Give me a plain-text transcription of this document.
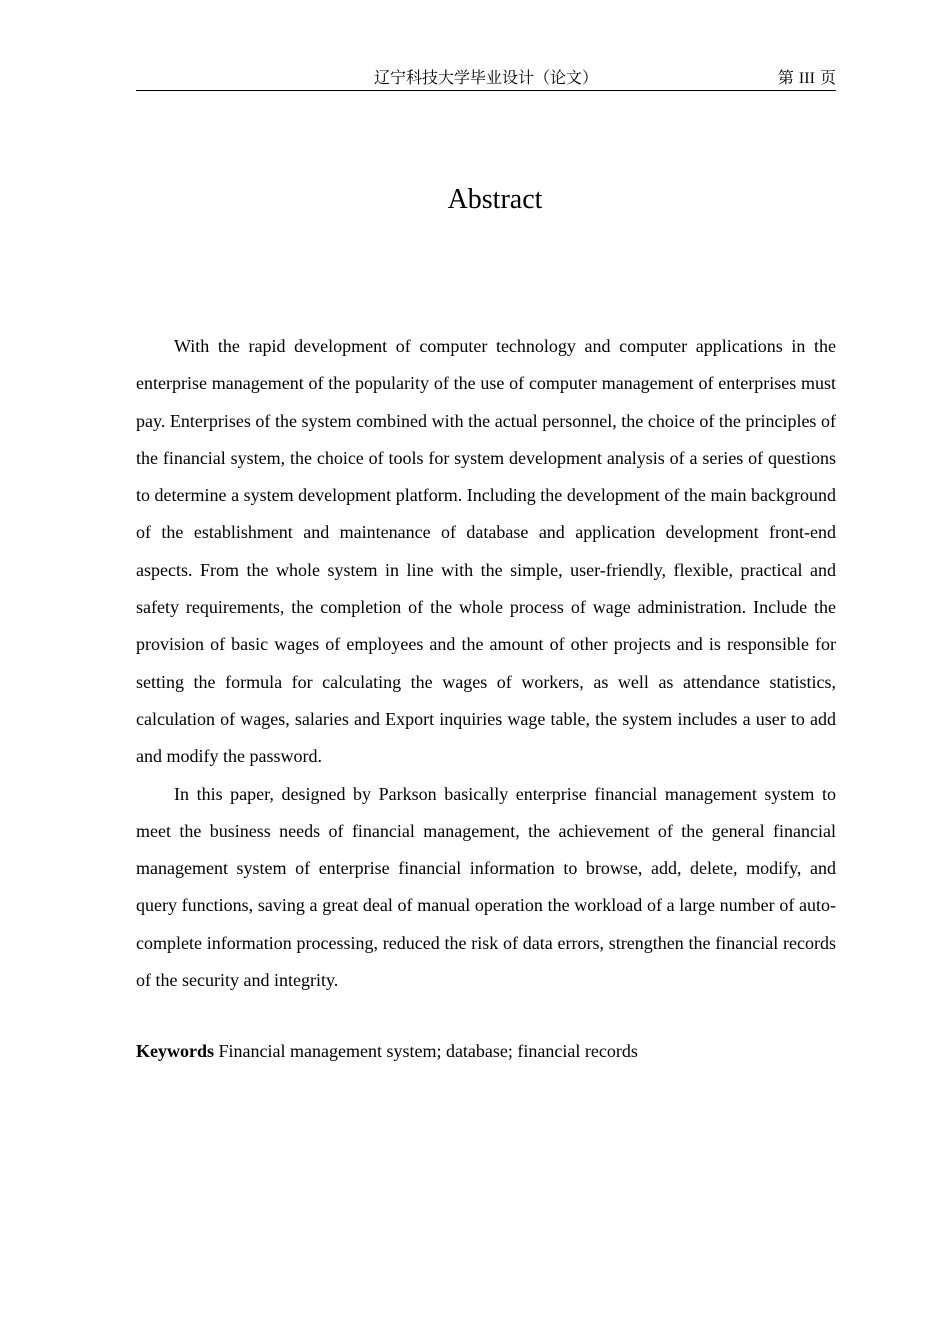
辽宁科技大学毕业设计（论文）	第 III 页
Abstract

With the rapid development of computer technology and computer applications in the enterprise management of the popularity of the use of computer management of enterprises must pay. Enterprises of the system combined with the actual personnel, the choice of the principles of the financial system, the choice of tools for system development analysis of a series of questions to determine a system development platform. Including the development of the main background of the establishment and maintenance of database and application development front-end aspects. From the whole system in line with the simple, user-friendly, flexible, practical and safety requirements, the completion of the whole process of wage administration. Include the provision of basic wages of employees and the amount of other projects and is responsible for setting the formula for calculating the wages of workers, as well as attendance statistics, calculation of wages, salaries and Export inquiries wage table, the system includes a user to add and modify the password.

In this paper, designed by Parkson basically enterprise financial management system to meet the business needs of financial management, the achievement of the general financial management system of enterprise financial information to browse, add, delete, modify, and query functions, saving a great deal of manual operation the workload of a large number of auto-complete information processing, reduced the risk of data errors, strengthen the financial records of the security and integrity.

Keywords Financial management system; database; financial records
